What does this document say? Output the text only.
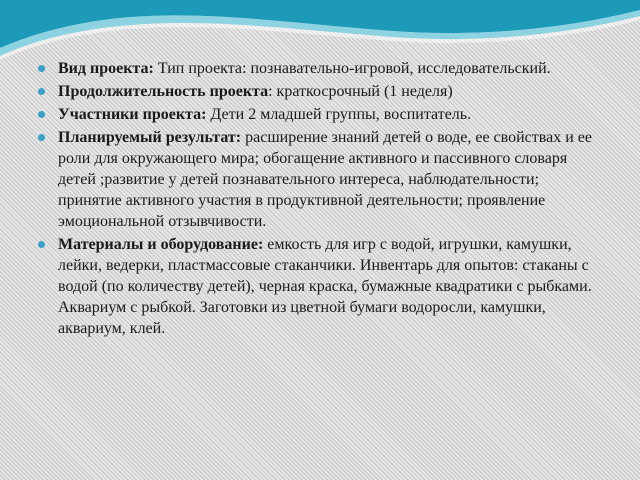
Вид проекта: Тип проекта: познавательно-игровой, исследовательский.
Продолжительность проекта: краткосрочный (1 неделя)
Участники проекта: Дети 2 младшей группы, воспитатель.
Планируемый результат: расширение знаний детей о воде, ее свойствах и ее роли для окружающего мира; обогащение активного и пассивного словаря детей ;развитие у детей познавательного интереса, наблюдательности; принятие активного участия в продуктивной деятельности; проявление эмоциональной отзывчивости.
Материалы и оборудование: емкость для игр с водой, игрушки, камушки, лейки, ведерки, пластмассовые стаканчики. Инвентарь для опытов: стаканы с водой (по количеству детей), черная краска, бумажные квадратики с рыбками. Аквариум с рыбкой. Заготовки из цветной бумаги водоросли, камушки, аквариум, клей.
